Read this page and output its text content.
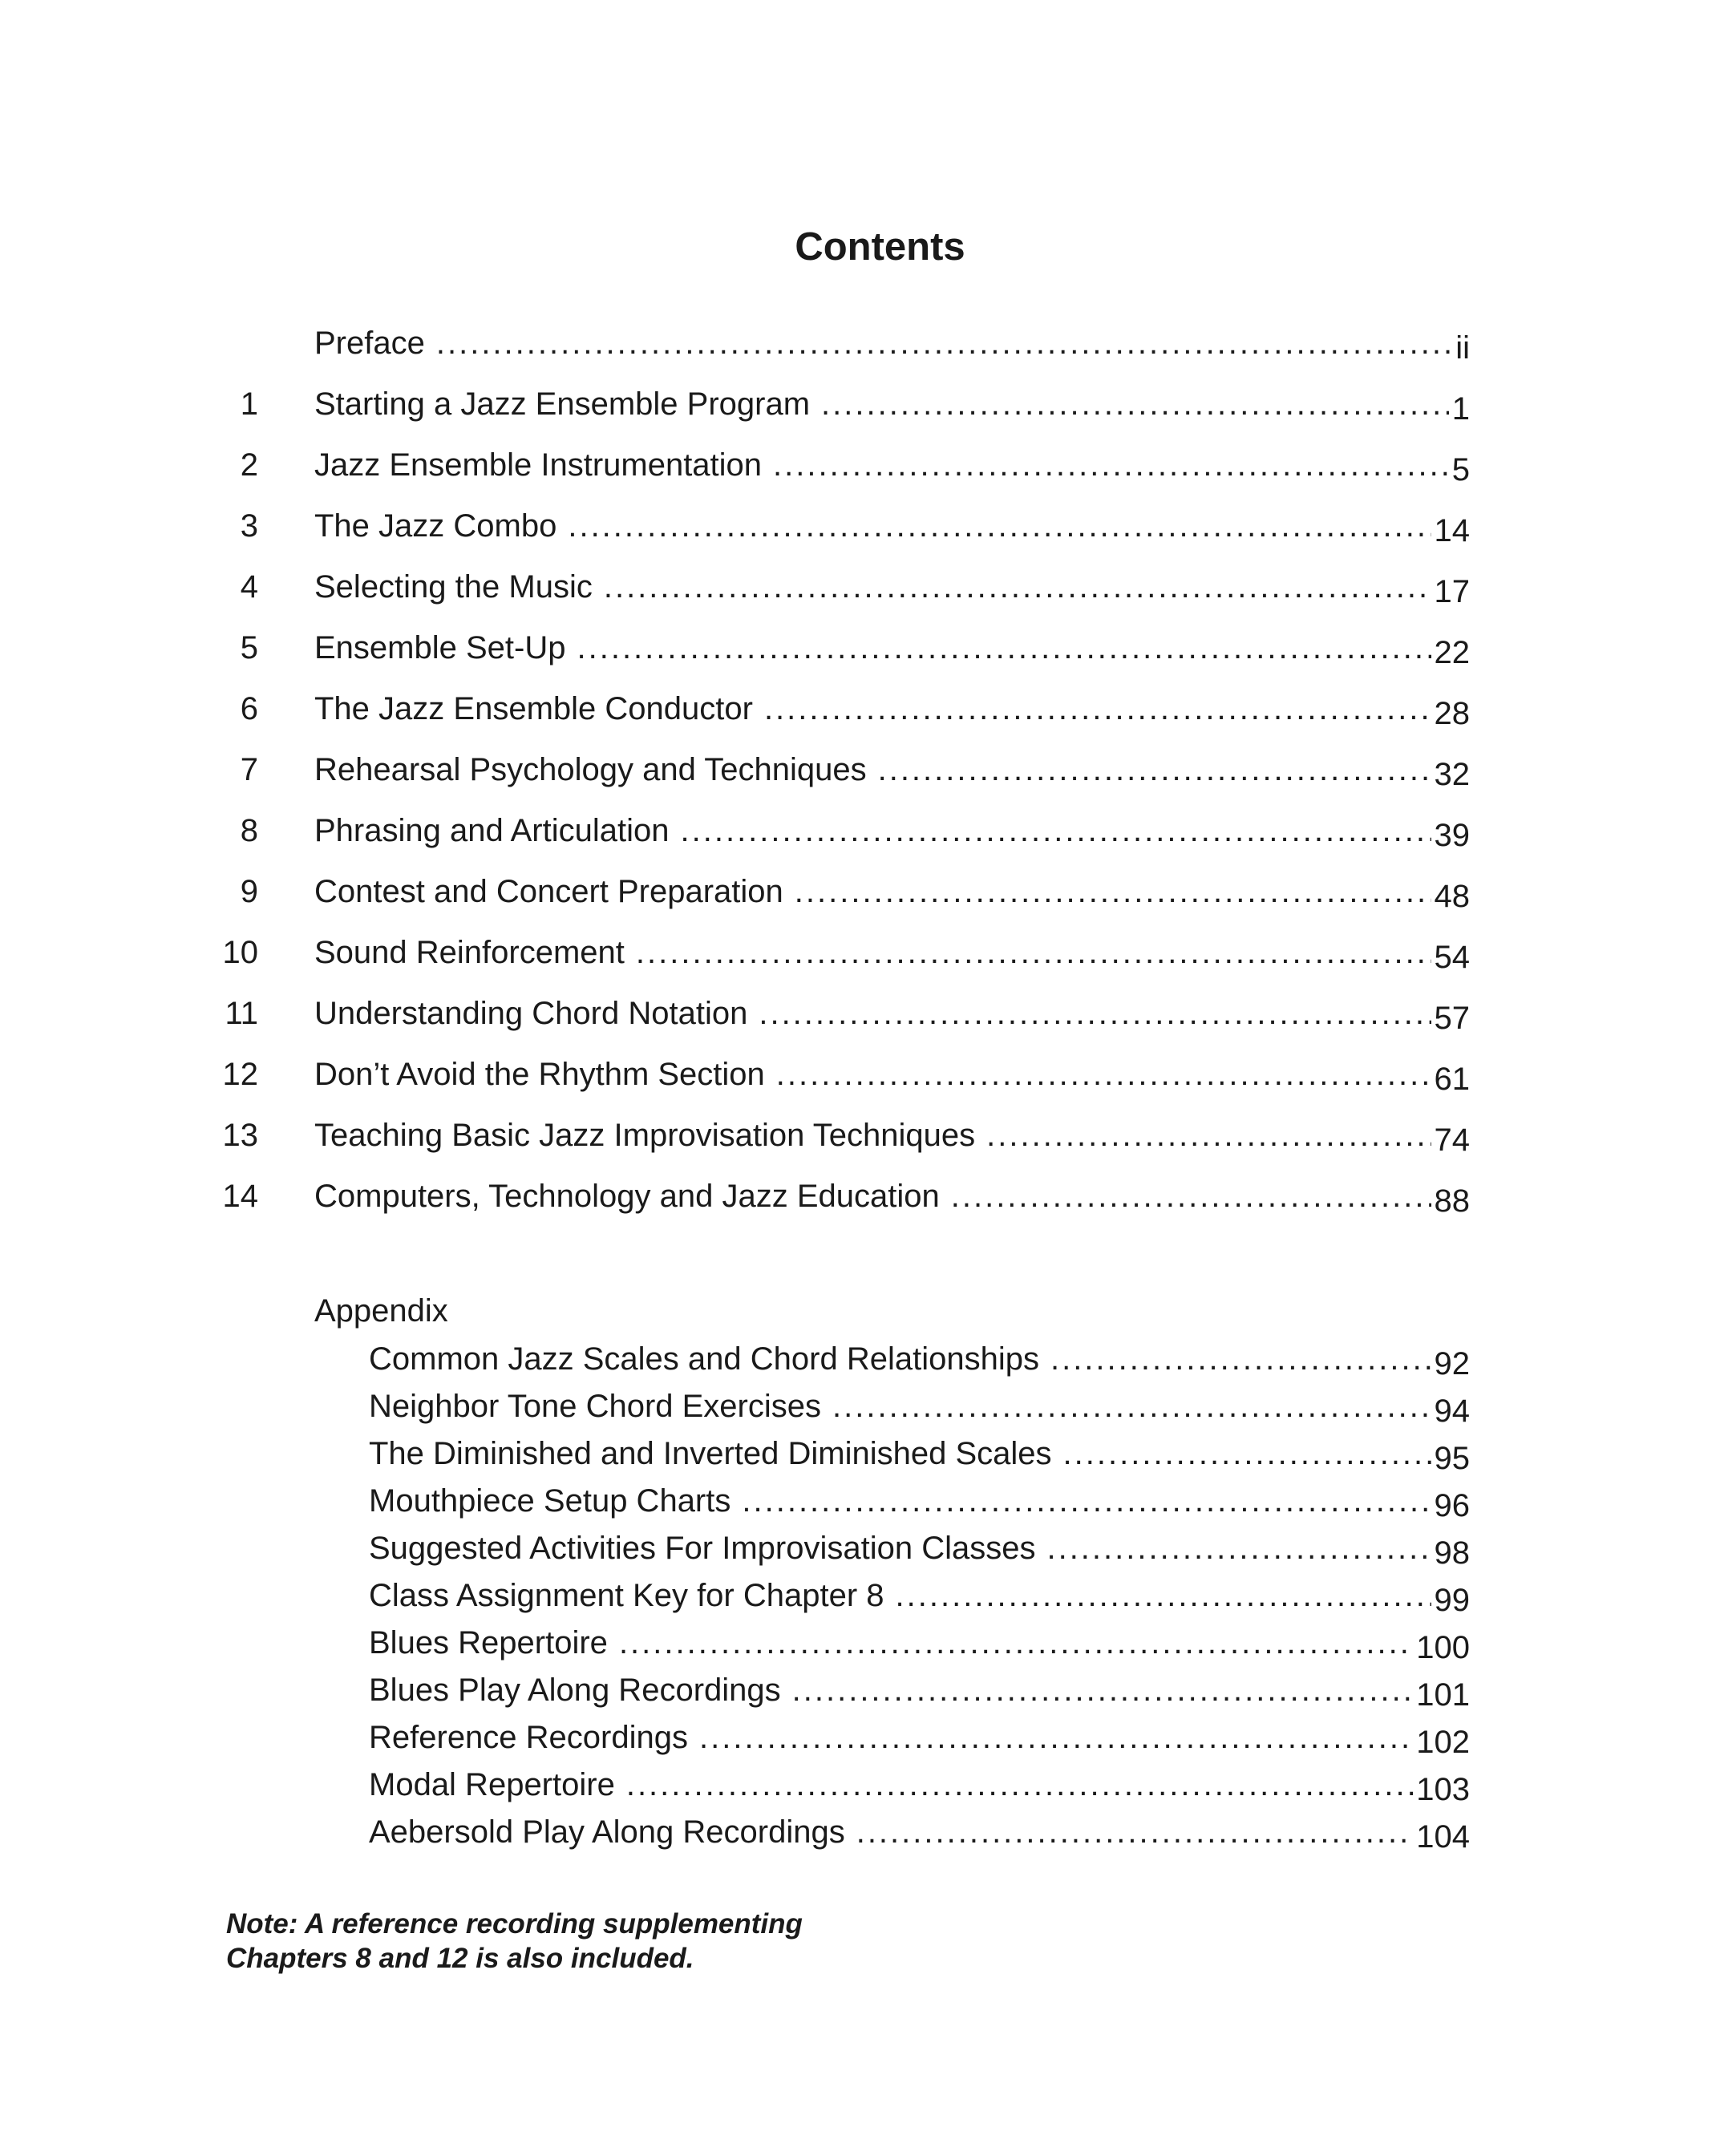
Contents
Preface .....	ii
1 Starting a Jazz Ensemble Program .....	1
2 Jazz Ensemble Instrumentation .....	5
3 The Jazz Combo .....	14
4 Selecting the Music .....	17
5 Ensemble Set-Up .....	22
6 The Jazz Ensemble Conductor .....	28
7 Rehearsal Psychology and Techniques .....	32
8 Phrasing and Articulation .....	39
9 Contest and Concert Preparation .....	48
10 Sound Reinforcement .....	54
11 Understanding Chord Notation .....	57
12 Don’t Avoid the Rhythm Section .....	61
13 Teaching Basic Jazz Improvisation Techniques .....	74
14 Computers, Technology and Jazz Education .....	88
Appendix
Common Jazz Scales and Chord Relationships .....	92
Neighbor Tone Chord Exercises .....	94
The Diminished and Inverted Diminished Scales .....	95
Mouthpiece Setup Charts .....	96
Suggested Activities For Improvisation Classes .....	98
Class Assignment Key for Chapter 8 .....	99
Blues Repertoire .....	100
Blues Play Along Recordings .....	101
Reference Recordings .....	102
Modal Repertoire .....	103
Aebersold Play Along Recordings .....	104
Note: A reference recording supplementing
Chapters 8 and 12 is also included.
